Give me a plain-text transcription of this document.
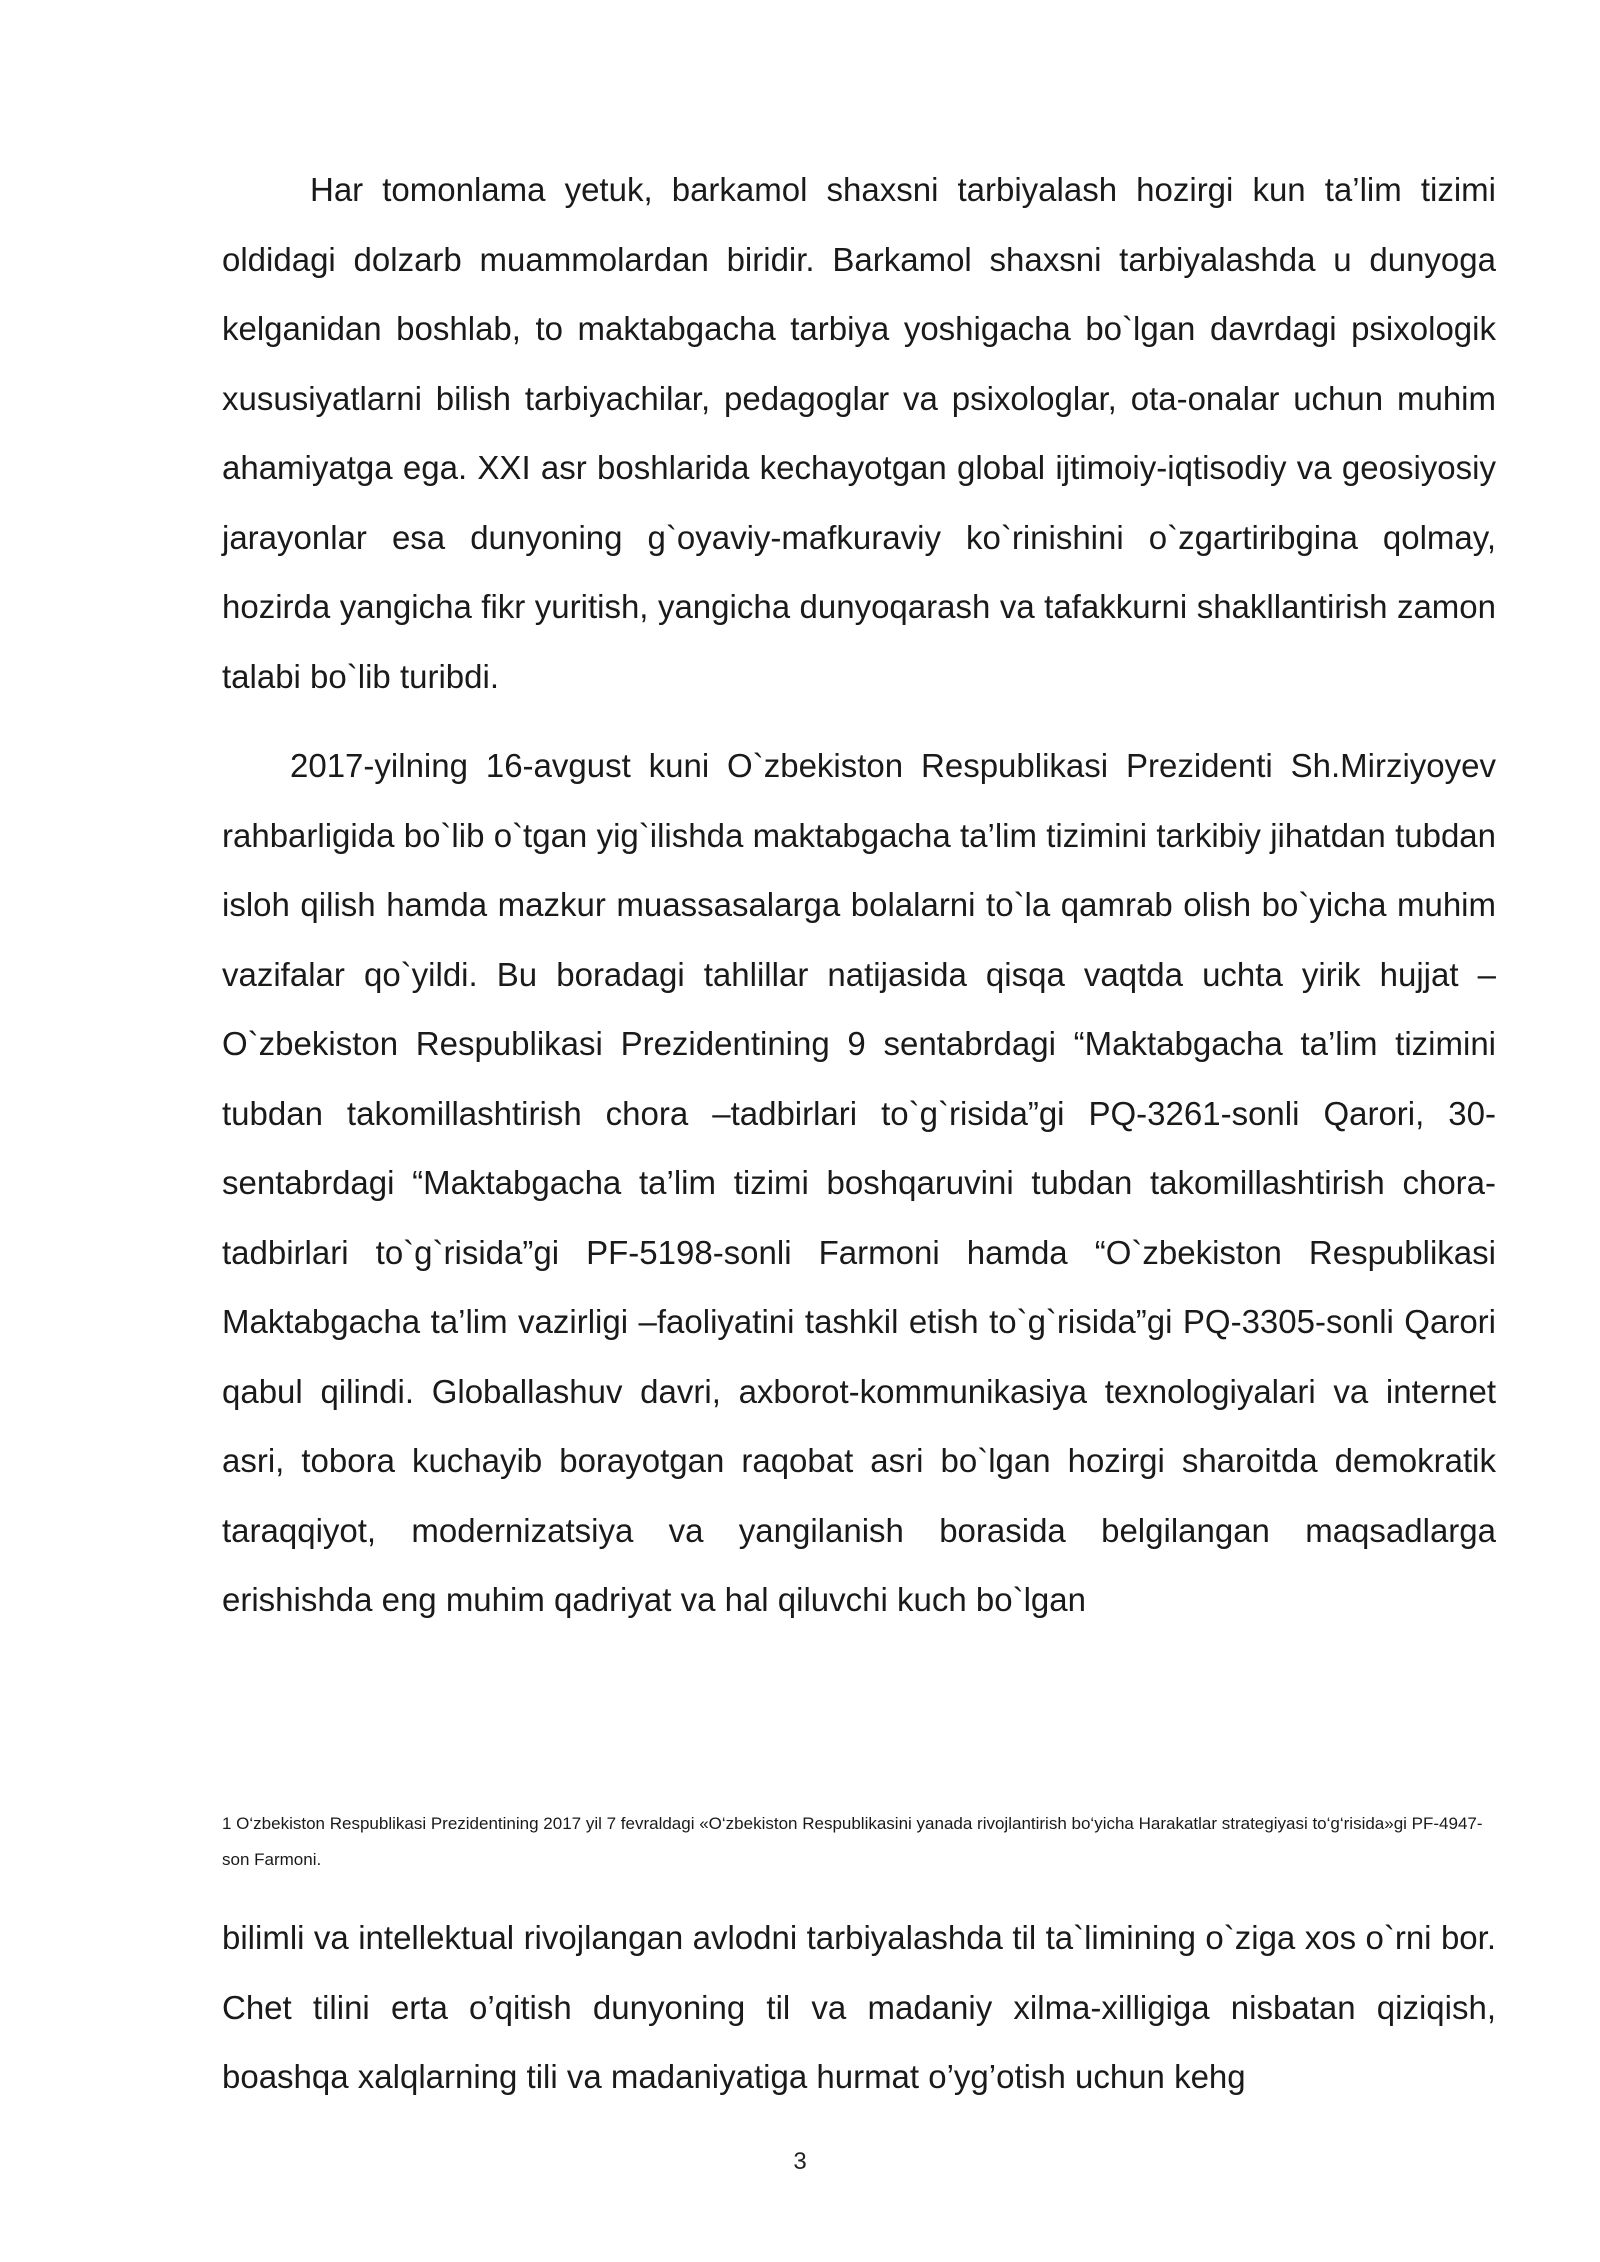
Har tomonlama yetuk, barkamol shaxsni tarbiyalash hozirgi kun ta’lim tizimi oldidagi dolzarb muammolardan biridir. Barkamol shaxsni tarbiyalashda u dunyoga kelganidan boshlab, to maktabgacha tarbiya yoshigacha bo`lgan davrdagi psixologik xususiyatlarni bilish tarbiyachilar, pedagoglar va psixologlar, ota-onalar uchun muhim ahamiyatga ega. XXI asr boshlarida kechayotgan global ijtimoiy-iqtisodiy va geosiyosiy jarayonlar esa dunyoning g`oyaviy-mafkuraviy ko`rinishini o`zgartiribgina qolmay, hozirda yangicha fikr yuritish, yangicha dunyoqarash va tafakkurni shakllantirish zamon talabi bo`lib turibdi.

2017-yilning 16-avgust kuni O`zbekiston Respublikasi Prezidenti Sh.Mirziyoyev rahbarligida bo`lib o`tgan yig`ilishda maktabgacha ta’lim tizimini tarkibiy jihatdan tubdan isloh qilish hamda mazkur muassasalarga bolalarni to`la qamrab olish bo`yicha muhim vazifalar qo`yildi. Bu boradagi tahlillar natijasida qisqa vaqtda uchta yirik hujjat – O`zbekiston Respublikasi Prezidentining 9 sentabrdagi “Maktabgacha ta’lim tizimini tubdan takomillashtirish chora –tadbirlari to`g`risida”gi PQ-3261-sonli Qarori, 30-sentabrdagi “Maktabgacha ta’lim tizimi boshqaruvini tubdan takomillashtirish chora-tadbirlari to`g`risida”gi PF-5198-sonli Farmoni hamda “O`zbekiston Respublikasi Maktabgacha ta’lim vazirligi –faoliyatini tashkil etish to`g`risida”gi PQ-3305-sonli Qarori qabul qilindi. Globallashuv davri, axborot-kommunikasiya texnologiyalari va internet asri, tobora kuchayib borayotgan raqobat asri bo`lgan hozirgi sharoitda demokratik taraqqiyot, modernizatsiya va yangilanish borasida belgilangan maqsadlarga erishishda eng muhim qadriyat va hal qiluvchi kuch bo`lgan

1 O‘zbekiston Respublikasi Prezidentining 2017 yil 7 fevraldagi «O‘zbekiston Respublikasini yanada rivojlantirish bo‘yicha Harakatlar strategiyasi to‘g‘risida»gi PF-4947-son Farmoni.

bilimli va intellektual rivojlangan avlodni tarbiyalashda til ta`limining o`ziga xos o`rni bor. Chet tilini erta o’qitish dunyoning til va madaniy xilma-xilligiga nisbatan qiziqish, boashqa xalqlarning tili va madaniyatiga hurmat o’yg’otish uchun kehg

3
